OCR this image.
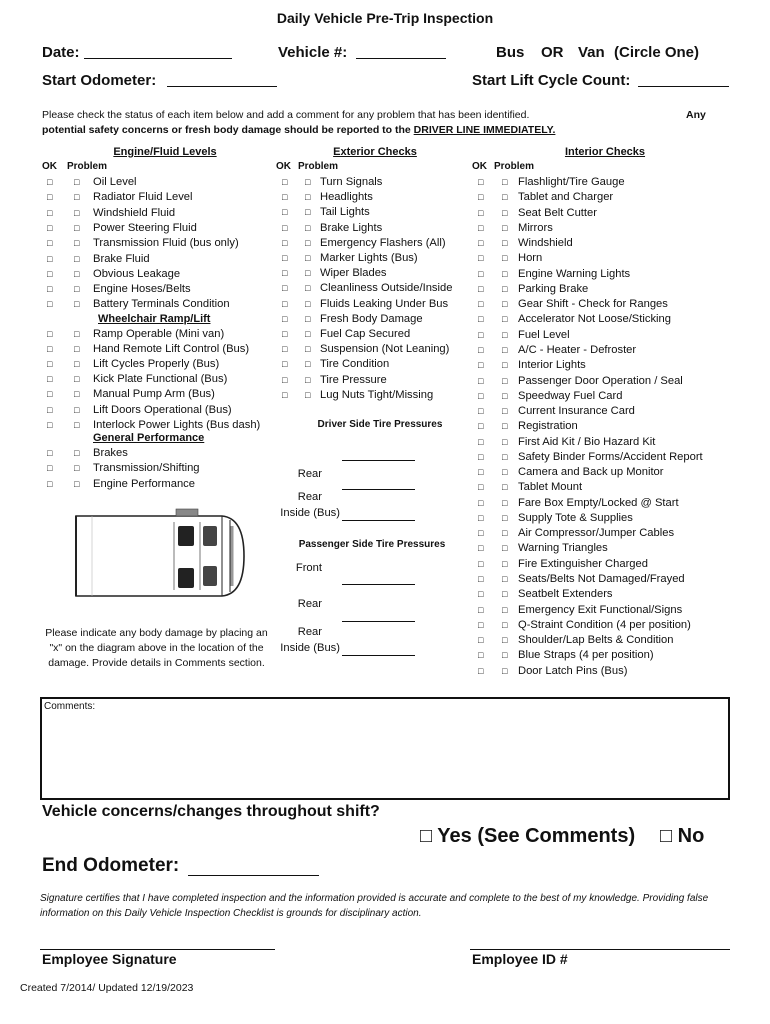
Daily Vehicle Pre-Trip Inspection
Date:	Vehicle #:	Bus OR Van (Circle One)
Start Odometer:	Start Lift Cycle Count:
Please check the status of each item below and add a comment for any problem that has been identified.	Any
potential safety concerns or fresh body damage should be reported to the DRIVER LINE IMMEDIATELY.
Engine/Fluid Levels	Exterior Checks	Interior Checks
OK Problem	OK Problem	OK Problem
□ □ Oil Level
□ □ Radiator Fluid Level
□ □ Windshield Fluid
□ □ Power Steering Fluid
□ □ Transmission Fluid (bus only)
□ □ Brake Fluid
□ □ Obvious Leakage
□ □ Engine Hoses/Belts
□ □ Battery Terminals Condition
Wheelchair Ramp/Lift
□ □ Ramp Operable (Mini van)
□ □ Hand Remote Lift Control (Bus)
□ □ Lift Cycles Properly (Bus)
□ □ Kick Plate Functional (Bus)
□ □ Manual Pump Arm (Bus)
□ □ Lift Doors Operational (Bus)
□ □ Interlock Power Lights (Bus dash)
General Performance
□ □ Brakes
□ □ Transmission/Shifting
□ □ Engine Performance
□ □ Turn Signals
□ □ Headlights
□ □ Tail Lights
□ □ Brake Lights
□ □ Emergency Flashers (All)
□ □ Marker Lights (Bus)
□ □ Wiper Blades
□ □ Cleanliness Outside/Inside
□ □ Fluids Leaking Under Bus
□ □ Fresh Body Damage
□ □ Fuel Cap Secured
□ □ Suspension (Not Leaning)
□ □ Tire Condition
□ □ Tire Pressure
□ □ Lug Nuts Tight/Missing
□ □ Flashlight/Tire Gauge
□ □ Tablet and Charger
□ □ Seat Belt Cutter
□ □ Mirrors
□ □ Windshield
□ □ Horn
□ □ Engine Warning Lights
□ □ Parking Brake
□ □ Gear Shift - Check for Ranges
□ □ Accelerator Not Loose/Sticking
□ □ Fuel Level
□ □ A/C - Heater - Defroster
□ □ Interior Lights
□ □ Passenger Door Operation / Seal
□ □ Speedway Fuel Card
□ □ Current Insurance Card
□ □ Registration
□ □ First Aid Kit / Bio Hazard Kit
□ □ Safety Binder Forms/Accident Report
□ □ Camera and Back up Monitor
□ □ Tablet Mount
□ □ Fare Box Empty/Locked @ Start
□ □ Supply Tote & Supplies
□ □ Air Compressor/Jumper Cables
□ □ Warning Triangles
□ □ Fire Extinguisher Charged
□ □ Seats/Belts Not Damaged/Frayed
□ □ Seatbelt Extenders
□ □ Emergency Exit Functional/Signs
□ □ Q-Straint Condition (4 per position)
□ □ Shoulder/Lap Belts & Condition
□ □ Blue Straps (4 per position)
□ □ Door Latch Pins (Bus)
Please indicate any body damage by placing an "x" on the diagram above in the location of the damage. Provide details in Comments section.
Driver Side Tire Pressures
Rear
Rear
Inside (Bus)
Passenger Side Tire Pressures
Front
Rear
Rear
Inside (Bus)
Comments:
Vehicle concerns/changes throughout shift?
□ Yes (See Comments) □ No
End Odometer:
Signature certifies that I have completed inspection and the information provided is accurate and complete to the best of my knowledge. Providing false information on this Daily Vehicle Inspection Checklist is grounds for disciplinary action.
Employee Signature	Employee ID #
Created 7/2014/ Updated 12/19/2023
